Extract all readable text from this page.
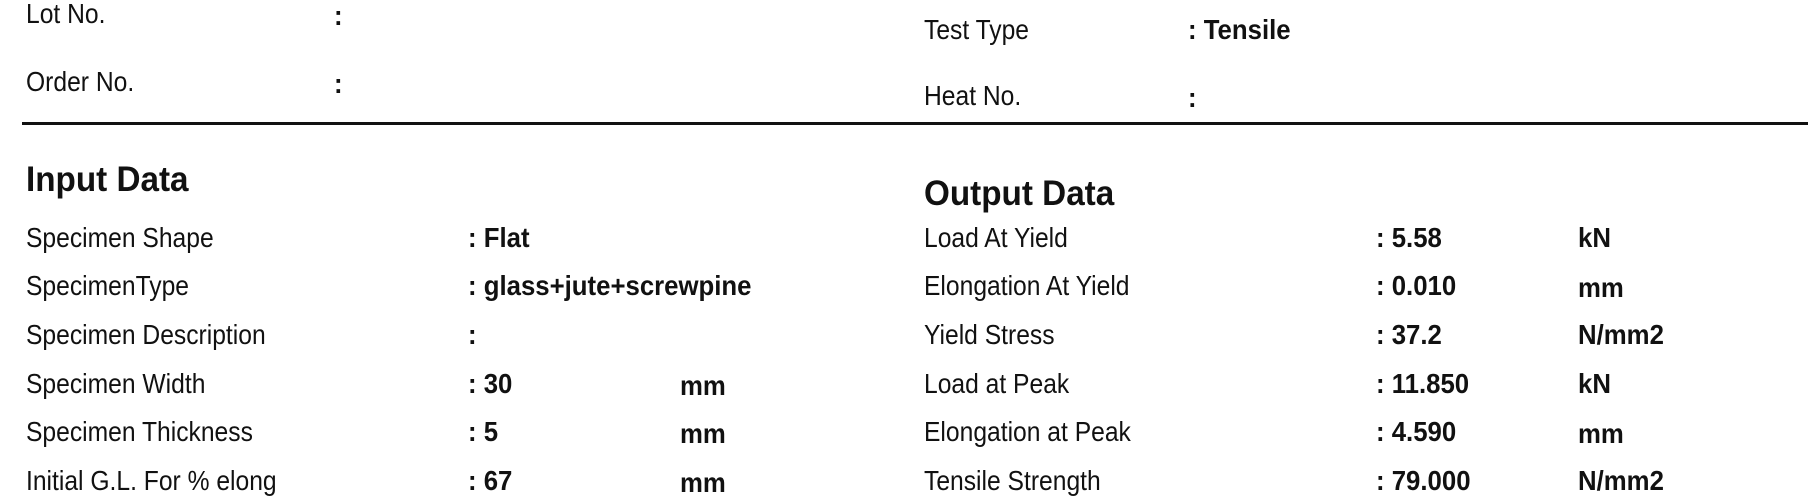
Lot No.	:
Order No.	:
Test Type	: Tensile
Heat No.	:
Input Data	Output Data
Specimen Shape	: Flat
SpecimenType	: glass+jute+screwpine
Specimen Description	:
Specimen Width	: 30	mm
Specimen Thickness	: 5	mm
Initial G.L. For % elong	: 67	mm
Load At Yield	: 5.58	kN
Elongation At Yield	: 0.010	mm
Yield Stress	: 37.2	N/mm2
Load at Peak	: 11.850	kN
Elongation at Peak	: 4.590	mm
Tensile Strength	: 79.000	N/mm2
